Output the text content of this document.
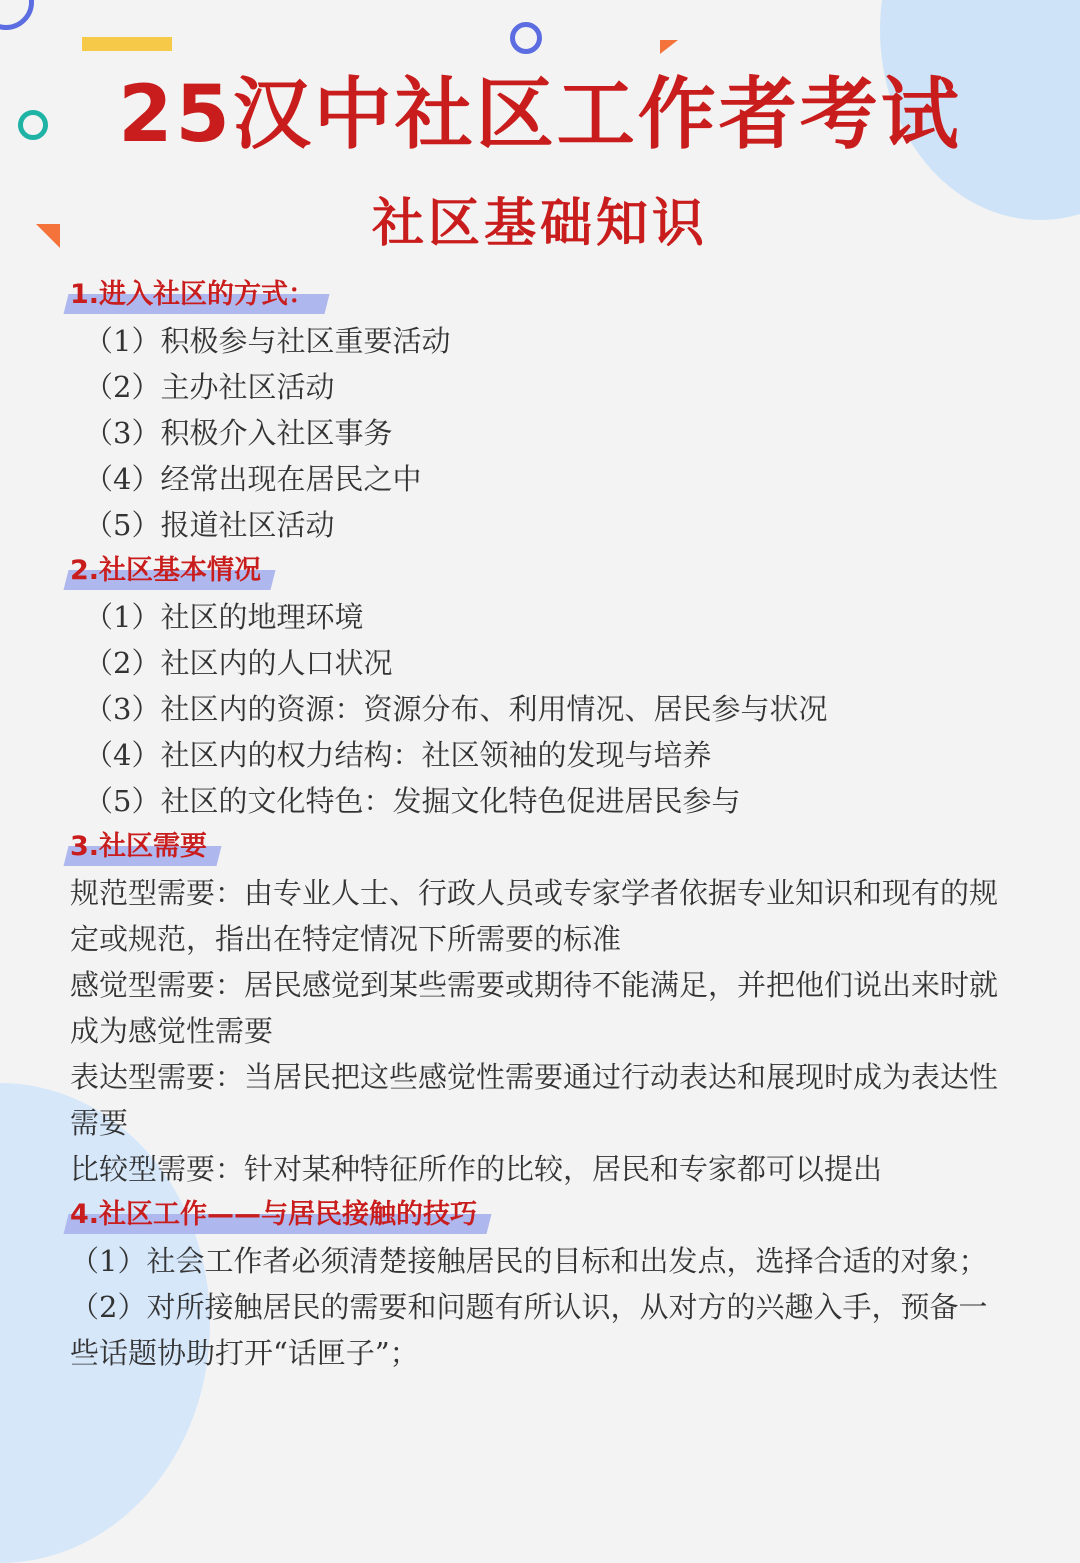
25汉中社区工作者考试
社区基础知识
1.进入社区的方式：

（1）积极参与社区重要活动

（2）主办社区活动

（3）积极介入社区事务

（4）经常出现在居民之中

（5）报道社区活动

2.社区基本情况

（1）社区的地理环境

（2）社区内的人口状况

（3）社区内的资源：资源分布、利用情况、居民参与状况

（4）社区内的权力结构：社区领袖的发现与培养

（5）社区的文化特色：发掘文化特色促进居民参与

3.社区需要

规范型需要：由专业人士、行政人员或专家学者依据专业知识和现有的规定或规范，指出在特定情况下所需要的标准

感觉型需要：居民感觉到某些需要或期待不能满足，并把他们说出来时就成为感觉性需要

表达型需要：当居民把这些感觉性需要通过行动表达和展现时成为表达性需要

比较型需要：针对某种特征所作的比较，居民和专家都可以提出

4.社区工作——与居民接触的技巧

（1）社会工作者必须清楚接触居民的目标和出发点，选择合适的对象；

（2）对所接触居民的需要和问题有所认识，从对方的兴趣入手，预备一些话题协助打开“话匣子”；
